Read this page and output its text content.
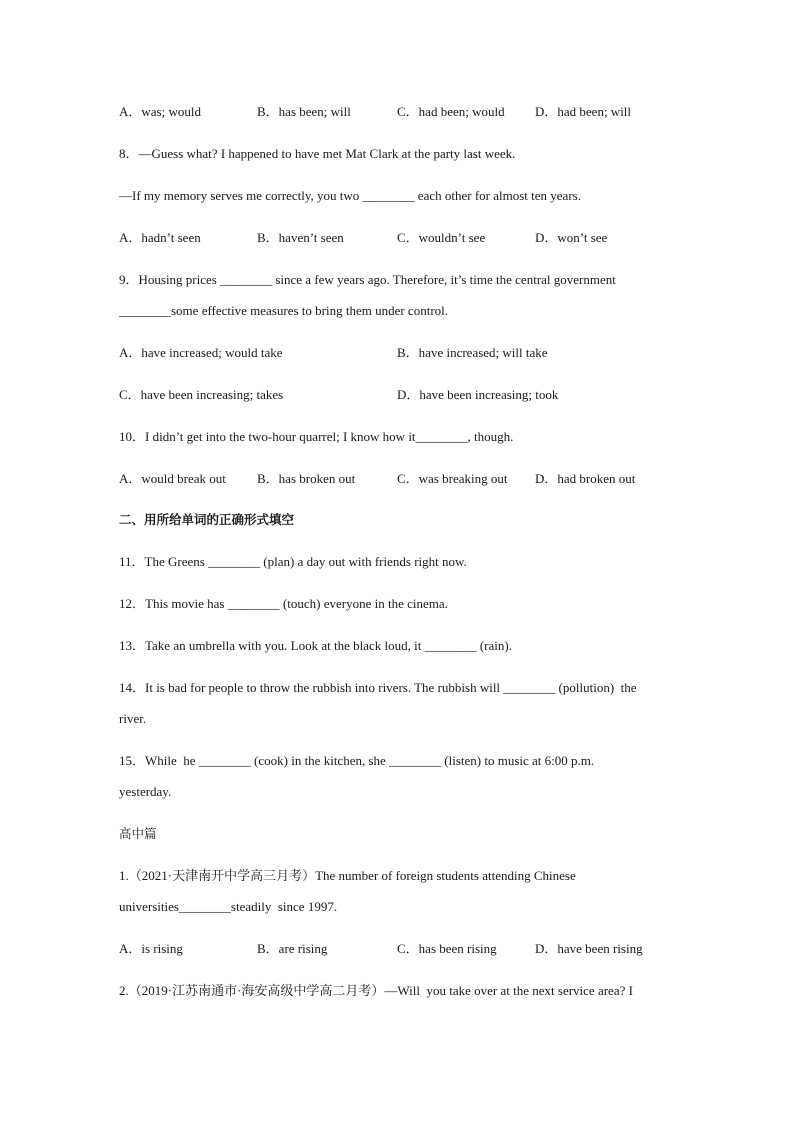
A．was; would	B．has been; will	C．had been; would D．had been; will
8．—Guess what? I happened to have met Mat Clark at the party last week.
—If my memory serves me correctly, you two ________ each other for almost ten years.
A．hadn’t seen	B．haven’t seen	C．wouldn’t see	D．won’t see
9．Housing prices ________ since a few years ago. Therefore, it’s time the central government
________some effective measures to bring them under control.
A．have increased; would take	B．have increased; will take
C．have been increasing; takes	D．have been increasing; took
10．I didn’t get into the two-hour quarrel; I know how it________, though.
A．would break out B．has broken out	C．was breaking out D．had broken out
二、用所给单词的正确形式填空
11．The Greens ________ (plan) a day out with friends right now.
12．This movie has ________ (touch) everyone in the cinema.
13．Take an umbrella with you. Look at the black loud, it ________ (rain).
14．It is bad for people to throw the rubbish into rivers. The rubbish will ________ (pollution)  the
river.
15．While  he ________ (cook) in the kitchen, she ________ (listen) to music at 6:00 p.m.
yesterday.
高中篇
1.（2021·天津南开中学高三月考）The number of foreign students attending Chinese
universities________steadily  since 1997.
A．is rising	B．are rising	C．has been rising	D．have been rising
2.（2019·江苏南通市·海安高级中学高二月考）—Will  you take over at the next service area? I
